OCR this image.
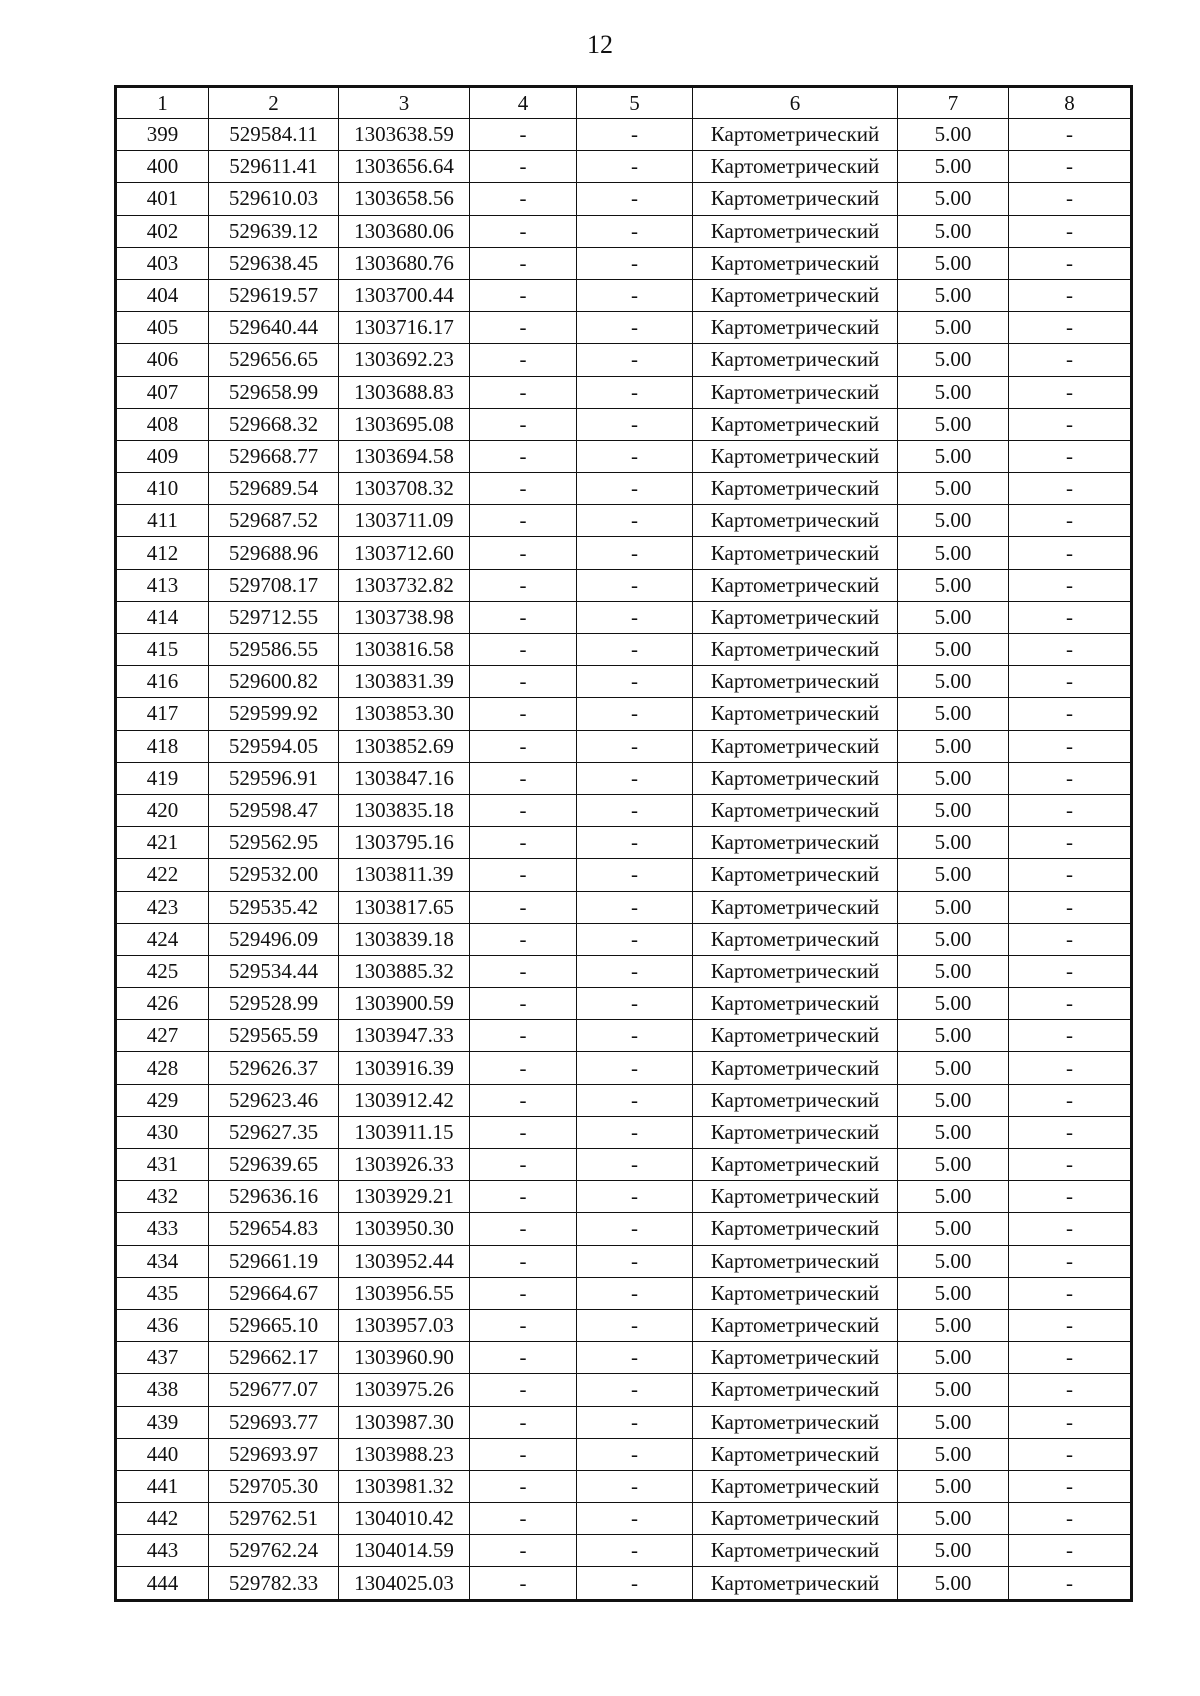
12
1	2	3	4	5	6	7	8
399	529584.11	1303638.59	-	-	Картометрический	5.00	-
400	529611.41	1303656.64	-	-	Картометрический	5.00	-
401	529610.03	1303658.56	-	-	Картометрический	5.00	-
402	529639.12	1303680.06	-	-	Картометрический	5.00	-
403	529638.45	1303680.76	-	-	Картометрический	5.00	-
404	529619.57	1303700.44	-	-	Картометрический	5.00	-
405	529640.44	1303716.17	-	-	Картометрический	5.00	-
406	529656.65	1303692.23	-	-	Картометрический	5.00	-
407	529658.99	1303688.83	-	-	Картометрический	5.00	-
408	529668.32	1303695.08	-	-	Картометрический	5.00	-
409	529668.77	1303694.58	-	-	Картометрический	5.00	-
410	529689.54	1303708.32	-	-	Картометрический	5.00	-
411	529687.52	1303711.09	-	-	Картометрический	5.00	-
412	529688.96	1303712.60	-	-	Картометрический	5.00	-
413	529708.17	1303732.82	-	-	Картометрический	5.00	-
414	529712.55	1303738.98	-	-	Картометрический	5.00	-
415	529586.55	1303816.58	-	-	Картометрический	5.00	-
416	529600.82	1303831.39	-	-	Картометрический	5.00	-
417	529599.92	1303853.30	-	-	Картометрический	5.00	-
418	529594.05	1303852.69	-	-	Картометрический	5.00	-
419	529596.91	1303847.16	-	-	Картометрический	5.00	-
420	529598.47	1303835.18	-	-	Картометрический	5.00	-
421	529562.95	1303795.16	-	-	Картометрический	5.00	-
422	529532.00	1303811.39	-	-	Картометрический	5.00	-
423	529535.42	1303817.65	-	-	Картометрический	5.00	-
424	529496.09	1303839.18	-	-	Картометрический	5.00	-
425	529534.44	1303885.32	-	-	Картометрический	5.00	-
426	529528.99	1303900.59	-	-	Картометрический	5.00	-
427	529565.59	1303947.33	-	-	Картометрический	5.00	-
428	529626.37	1303916.39	-	-	Картометрический	5.00	-
429	529623.46	1303912.42	-	-	Картометрический	5.00	-
430	529627.35	1303911.15	-	-	Картометрический	5.00	-
431	529639.65	1303926.33	-	-	Картометрический	5.00	-
432	529636.16	1303929.21	-	-	Картометрический	5.00	-
433	529654.83	1303950.30	-	-	Картометрический	5.00	-
434	529661.19	1303952.44	-	-	Картометрический	5.00	-
435	529664.67	1303956.55	-	-	Картометрический	5.00	-
436	529665.10	1303957.03	-	-	Картометрический	5.00	-
437	529662.17	1303960.90	-	-	Картометрический	5.00	-
438	529677.07	1303975.26	-	-	Картометрический	5.00	-
439	529693.77	1303987.30	-	-	Картометрический	5.00	-
440	529693.97	1303988.23	-	-	Картометрический	5.00	-
441	529705.30	1303981.32	-	-	Картометрический	5.00	-
442	529762.51	1304010.42	-	-	Картометрический	5.00	-
443	529762.24	1304014.59	-	-	Картометрический	5.00	-
444	529782.33	1304025.03	-	-	Картометрический	5.00	-
